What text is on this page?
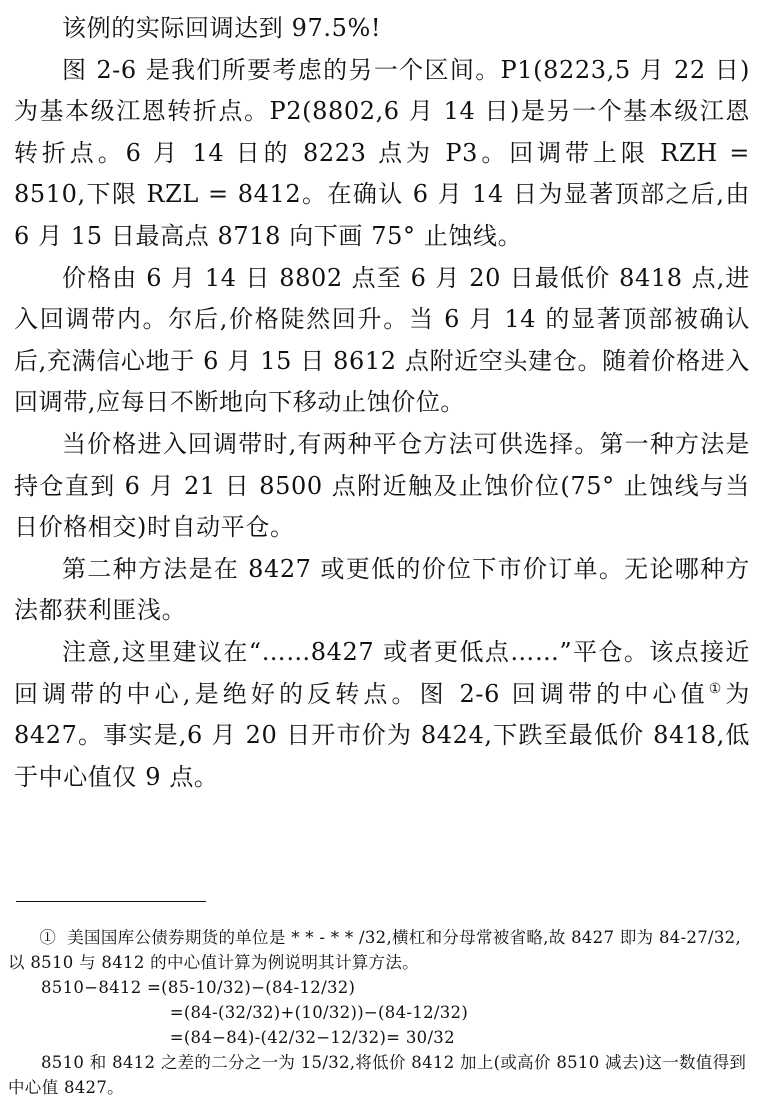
该例的实际回调达到 97.5%!

图 2-6 是我们所要考虑的另一个区间。P1(8223,5 月 22 日)为基本级江恩转折点。P2(8802,6 月 14 日)是另一个基本级江恩转折点。6 月 14 日的 8223 点为 P3。回调带上限 RZH = 8510,下限 RZL = 8412。在确认 6 月 14 日为显著顶部之后,由 6 月 15 日最高点 8718 向下画 75° 止蚀线。

价格由 6 月 14 日 8802 点至 6 月 20 日最低价 8418 点,进入回调带内。尔后,价格陡然回升。当 6 月 14 的显著顶部被确认后,充满信心地于 6 月 15 日 8612 点附近空头建仓。随着价格进入回调带,应每日不断地向下移动止蚀价位。

当价格进入回调带时,有两种平仓方法可供选择。第一种方法是持仓直到 6 月 21 日 8500 点附近触及止蚀价位(75° 止蚀线与当日价格相交)时自动平仓。

第二种方法是在 8427 或更低的价位下市价订单。无论哪种方法都获利匪浅。

注意,这里建议在“……8427 或者更低点……”平仓。该点接近回调带的中心,是绝好的反转点。图 2-6 回调带的中心值①为 8427。事实是,6 月 20 日开市价为 8424,下跌至最低价 8418,低于中心值仅 9 点。

① 美国国库公债券期货的单位是 * * - * * /32,横杠和分母常被省略,故 8427 即为 84-27/32,以 8510 与 8412 的中心值计算为例说明其计算方法。

8510−8412 =(85-10/32)−(84-12/32)

=(84-(32/32)+(10/32))−(84-12/32)

=(84−84)-(42/32−12/32)= 30/32

8510 和 8412 之差的二分之一为 15/32,将低价 8412 加上(或高价 8510 减去)这一数值得到中心值 8427。
